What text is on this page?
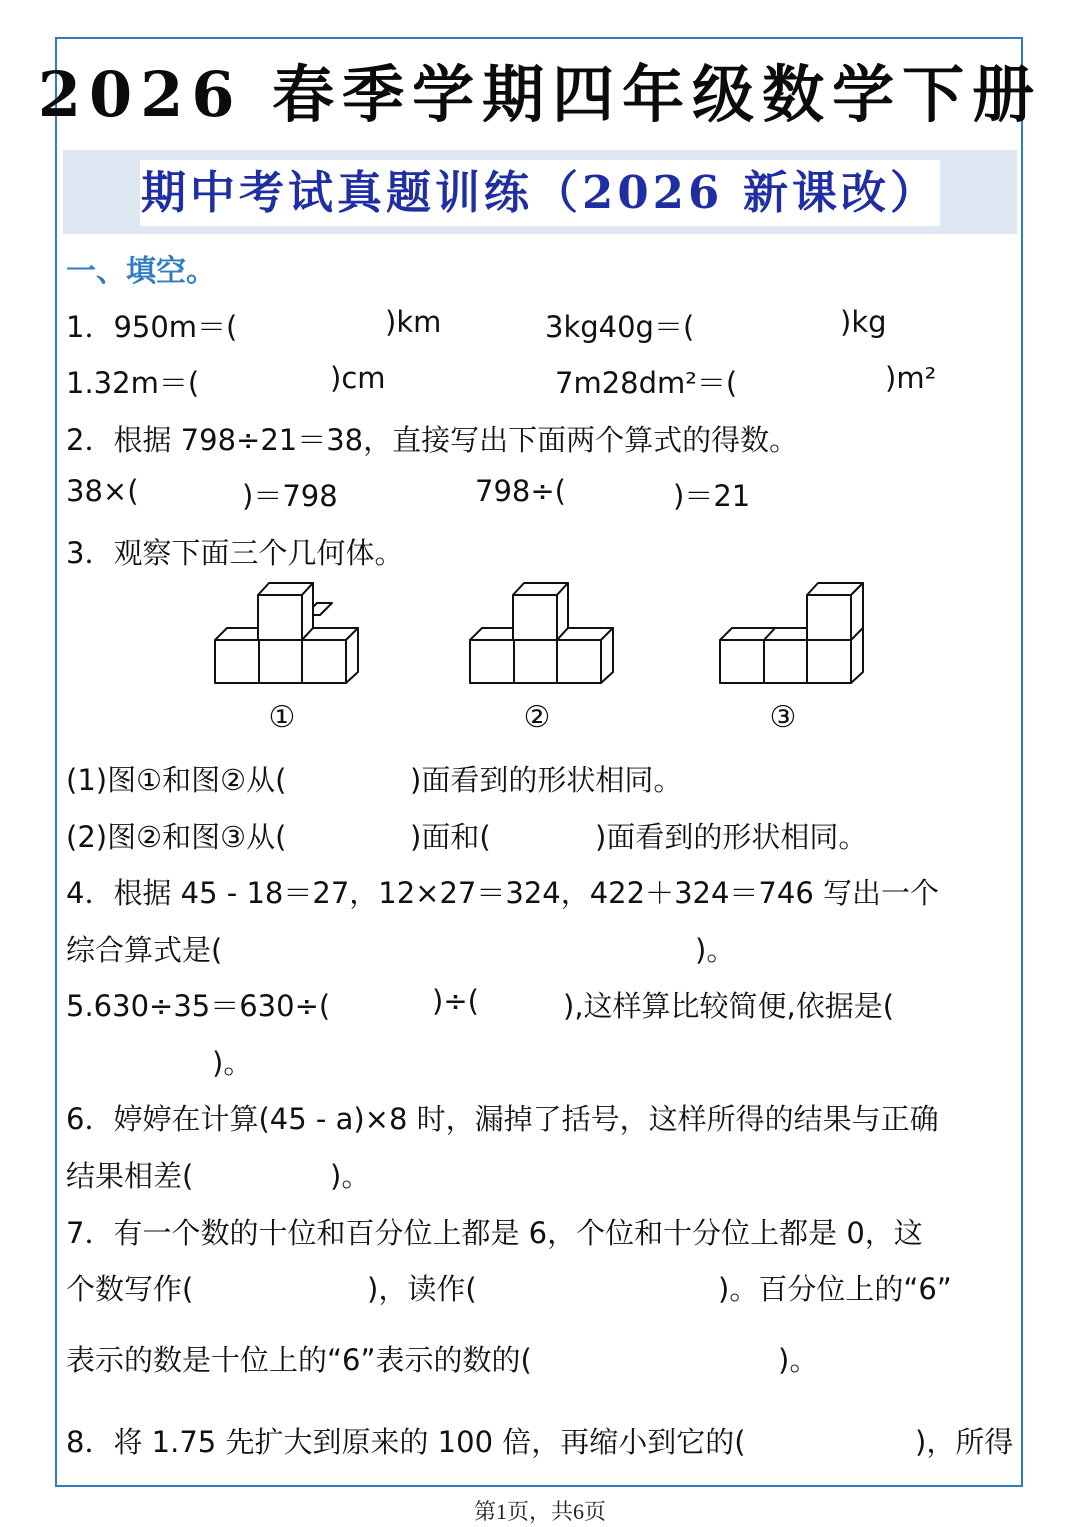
2026 春季学期四年级数学下册
期中考试真题训练（2026 新课改）
一、填空。
1．950m＝(	)km	3kg40g＝(	)kg
1.32m＝(	)cm	7m28dm²＝(	)m²
2．根据 798÷21＝38，直接写出下面两个算式的得数。
38×(	)＝798	798÷(	)＝21
3．观察下面三个几何体。
①	②	③
(1)图①和图②从(	)面看到的形状相同。
(2)图②和图③从(	)面和(	)面看到的形状相同。
4．根据 45 - 18＝27，12×27＝324，422＋324＝746 写出一个
综合算式是(	)。
5.630÷35＝630÷(	)÷(	),这样算比较简便,依据是(
)。
6．婷婷在计算(45 - a)×8 时，漏掉了括号，这样所得的结果与正确
结果相差(	)。
7．有一个数的十位和百分位上都是 6，个位和十分位上都是 0，这
个数写作(	)，读作(	)。百分位上的“6”
表示的数是十位上的“6”表示的数的(	)。
8．将 1.75 先扩大到原来的 100 倍，再缩小到它的(	)，所得
第1页，共6页
